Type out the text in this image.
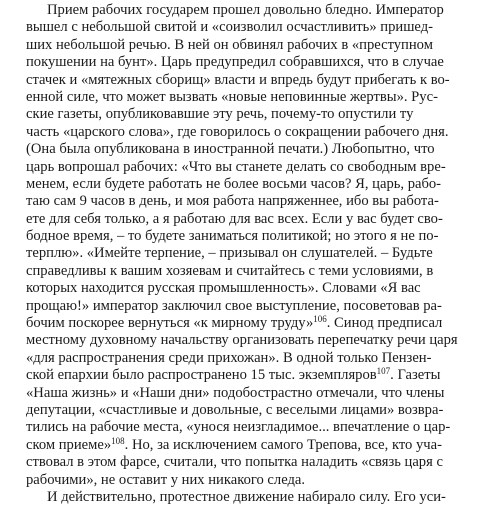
Прием рабочих государем прошел довольно бледно. Император
вышел с небольшой свитой и «соизволил осчастливить» пришед-
ших небольшой речью. В ней он обвинял рабочих в «преступном
покушении на бунт». Царь предупредил собравшихся, что в случае
стачек и «мятежных сборищ» власти и впредь будут прибегать к во-
енной силе, что может вызвать «новые неповинные жертвы». Рус-
ские газеты, опубликовавшие эту речь, почему-то опустили ту
часть «царского слова», где говорилось о сокращении рабочего дня.
(Она была опубликована в иностранной печати.) Любопытно, что
царь вопрошал рабочих: «Что вы станете делать со свободным вре-
менем, если будете работать не более восьми часов? Я, царь, рабо-
таю сам 9 часов в день, и моя работа напряженнее, ибо вы работа-
ете для себя только, а я работаю для вас всех. Если у вас будет сво-
бодное время, – то будете заниматься политикой; но этого я не по-
терплю». «Имейте терпение, – призывал он слушателей. – Будьте
справедливы к вашим хозяевам и считайтесь с теми условиями, в
которых находится русская промышленность». Словами «Я вас
прощаю!» император заключил свое выступление, посоветовав ра-
бочим поскорее вернуться «к мирному труду»$^{106}$. Синод предписал
местному духовному начальству организовать перепечатку речи царя
«для распространения среди прихожан». В одной только Пензен-
ской епархии было распространено 15 тыс. экземпляров$^{107}$. Газеты
«Наша жизнь» и «Наши дни» подобострастно отмечали, что члены
депутации, «счастливые и довольные, с веселыми лицами» возвра-
тились на рабочие места, «унося неизгладимое... впечатление о цар-
ском приеме»$^{108}$. Но, за исключением самого Трепова, все, кто уча-
ствовал в этом фарсе, считали, что попытка наладить «связь царя с
рабочими», не оставит у них никакого следа.
И действительно, протестное движение набирало силу. Его уси-
